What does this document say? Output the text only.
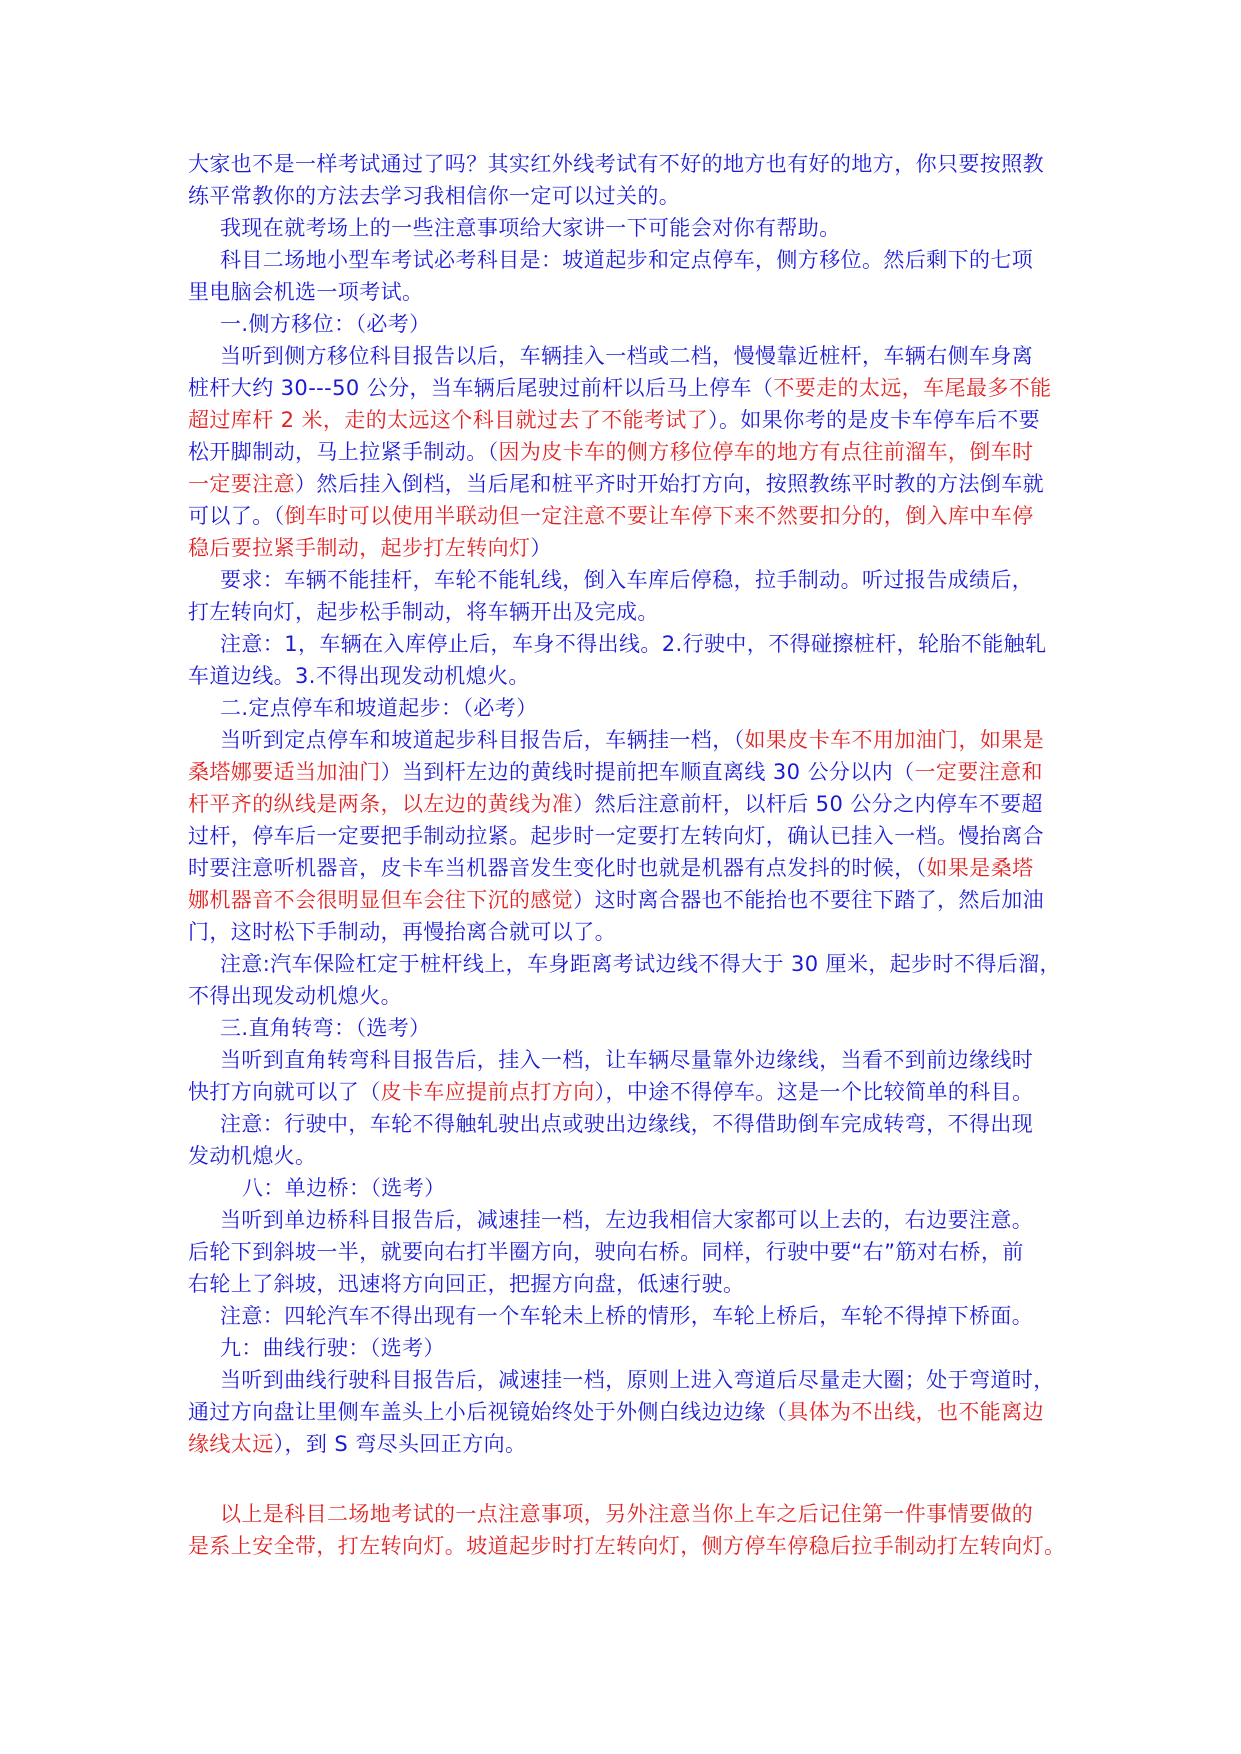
大家也不是一样考试通过了吗？其实红外线考试有不好的地方也有好的地方，你只要按照教
练平常教你的方法去学习我相信你一定可以过关的。
我现在就考场上的一些注意事项给大家讲一下可能会对你有帮助。
科目二场地小型车考试必考科目是：坡道起步和定点停车，侧方移位。然后剩下的七项
里电脑会机选一项考试。
一.侧方移位：（必考）
当听到侧方移位科目报告以后，车辆挂入一档或二档，慢慢靠近桩杆，车辆右侧车身离
桩杆大约 30---50 公分，当车辆后尾驶过前杆以后马上停车（不要走的太远，车尾最多不能
超过库杆 2 米，走的太远这个科目就过去了不能考试了）。如果你考的是皮卡车停车后不要
松开脚制动，马上拉紧手制动。（因为皮卡车的侧方移位停车的地方有点往前溜车，倒车时
一定要注意）然后挂入倒档，当后尾和桩平齐时开始打方向，按照教练平时教的方法倒车就
可以了。（倒车时可以使用半联动但一定注意不要让车停下来不然要扣分的，倒入库中车停
稳后要拉紧手制动，起步打左转向灯）
要求：车辆不能挂杆，车轮不能轧线，倒入车库后停稳，拉手制动。听过报告成绩后，
打左转向灯，起步松手制动，将车辆开出及完成。
注意：1，车辆在入库停止后，车身不得出线。2.行驶中，不得碰擦桩杆，轮胎不能触轧
车道边线。3.不得出现发动机熄火。
二.定点停车和坡道起步：（必考）
当听到定点停车和坡道起步科目报告后，车辆挂一档，（如果皮卡车不用加油门，如果是
桑塔娜要适当加油门）当到杆左边的黄线时提前把车顺直离线 30 公分以内（一定要注意和
杆平齐的纵线是两条，以左边的黄线为准）然后注意前杆，以杆后 50 公分之内停车不要超
过杆，停车后一定要把手制动拉紧。起步时一定要打左转向灯，确认已挂入一档。慢抬离合
时要注意听机器音，皮卡车当机器音发生变化时也就是机器有点发抖的时候，（如果是桑塔
娜机器音不会很明显但车会往下沉的感觉）这时离合器也不能抬也不要往下踏了，然后加油
门，这时松下手制动，再慢抬离合就可以了。
注意:汽车保险杠定于桩杆线上，车身距离考试边线不得大于 30 厘米，起步时不得后溜，
不得出现发动机熄火。
三.直角转弯：（选考）
当听到直角转弯科目报告后，挂入一档，让车辆尽量靠外边缘线，当看不到前边缘线时
快打方向就可以了（皮卡车应提前点打方向），中途不得停车。这是一个比较简单的科目。
注意：行驶中，车轮不得触轧驶出点或驶出边缘线，不得借助倒车完成转弯，不得出现
发动机熄火。
八：单边桥：（选考）
当听到单边桥科目报告后，减速挂一档，左边我相信大家都可以上去的，右边要注意。
后轮下到斜坡一半，就要向右打半圈方向，驶向右桥。同样，行驶中要“右”筋对右桥，前
右轮上了斜坡，迅速将方向回正，把握方向盘，低速行驶。
注意：四轮汽车不得出现有一个车轮未上桥的情形，车轮上桥后，车轮不得掉下桥面。
九：曲线行驶：（选考）
当听到曲线行驶科目报告后，减速挂一档，原则上进入弯道后尽量走大圈；处于弯道时，
通过方向盘让里侧车盖头上小后视镜始终处于外侧白线边边缘（具体为不出线，也不能离边
缘线太远），到 S 弯尽头回正方向。
以上是科目二场地考试的一点注意事项，另外注意当你上车之后记住第一件事情要做的
是系上安全带，打左转向灯。坡道起步时打左转向灯，侧方停车停稳后拉手制动打左转向灯。
